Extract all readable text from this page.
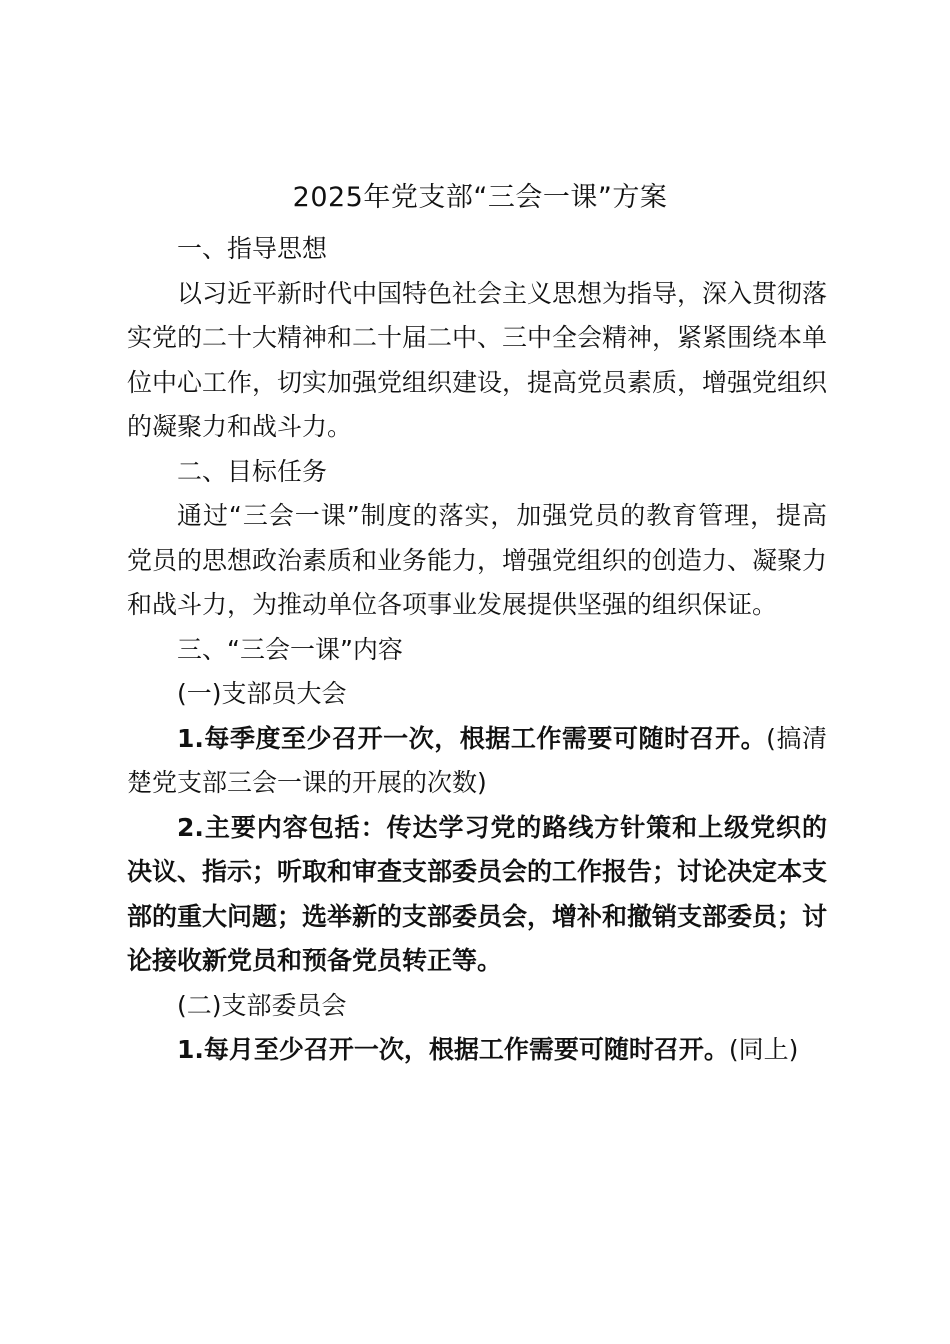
2025年党支部“三会一课”方案

一、指导思想

以习近平新时代中国特色社会主义思想为指导，深入贯彻落实党的二十大精神和二十届二中、三中全会精神，紧紧围绕本单位中心工作，切实加强党组织建设，提高党员素质，增强党组织的凝聚力和战斗力。

二、目标任务

通过“三会一课”制度的落实，加强党员的教育管理，提高党员的思想政治素质和业务能力，增强党组织的创造力、凝聚力和战斗力，为推动单位各项事业发展提供坚强的组织保证。

三、“三会一课”内容

(一)支部员大会

1.每季度至少召开一次，根据工作需要可随时召开。(搞清楚党支部三会一课的开展的次数)

2.主要内容包括：传达学习党的路线方针策和上级党织的决议、指示；听取和审查支部委员会的工作报告；讨论决定本支部的重大问题；选举新的支部委员会，增补和撤销支部委员；讨论接收新党员和预备党员转正等。

(二)支部委员会

1.每月至少召开一次，根据工作需要可随时召开。(同上)
